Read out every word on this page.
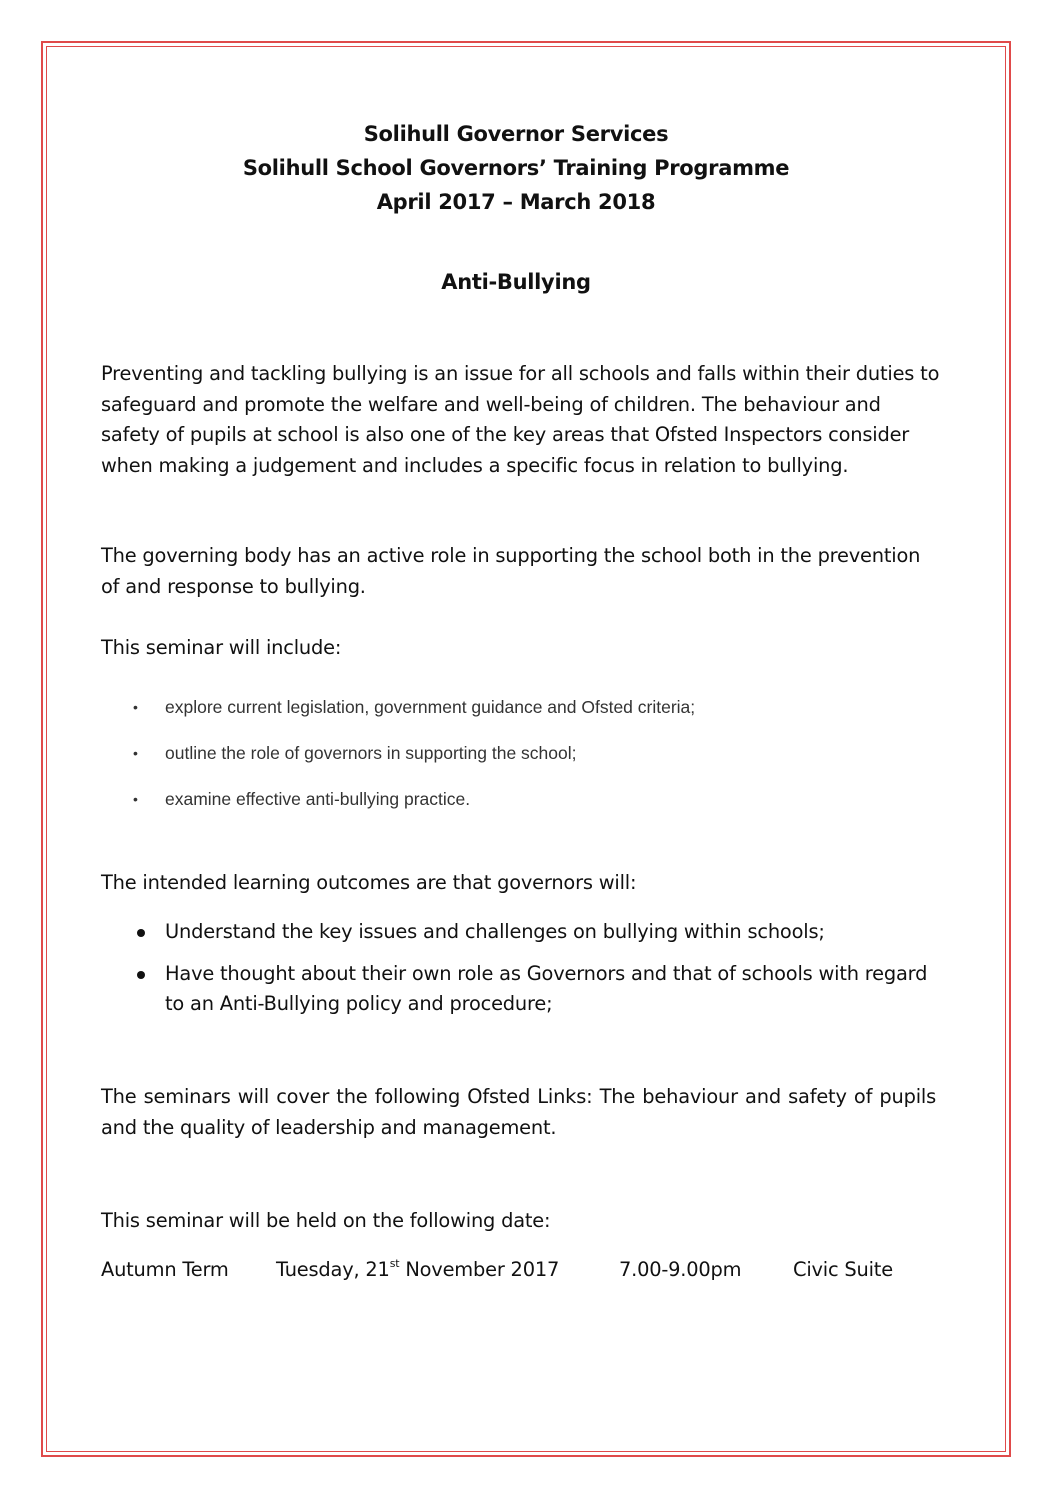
Solihull Governor Services
Solihull School Governors’ Training Programme
April 2017 – March 2018
Anti-Bullying
Preventing and tackling bullying is an issue for all schools and falls within their duties to safeguard and promote the welfare and well-being of children. The behaviour and safety of pupils at school is also one of the key areas that Ofsted Inspectors consider when making a judgement and includes a specific focus in relation to bullying.
The governing body has an active role in supporting the school both in the prevention of and response to bullying.
This seminar will include:
• explore current legislation, government guidance and Ofsted criteria;
• outline the role of governors in supporting the school;
• examine effective anti-bullying practice.
The intended learning outcomes are that governors will:
Understand the key issues and challenges on bullying within schools;
Have thought about their own role as Governors and that of schools with regard to an Anti-Bullying policy and procedure;
The seminars will cover the following Ofsted Links: The behaviour and safety of pupils and the quality of leadership and management.
This seminar will be held on the following date:
Autumn Term Tuesday, 21st November 2017	7.00-9.00pm	Civic Suite
